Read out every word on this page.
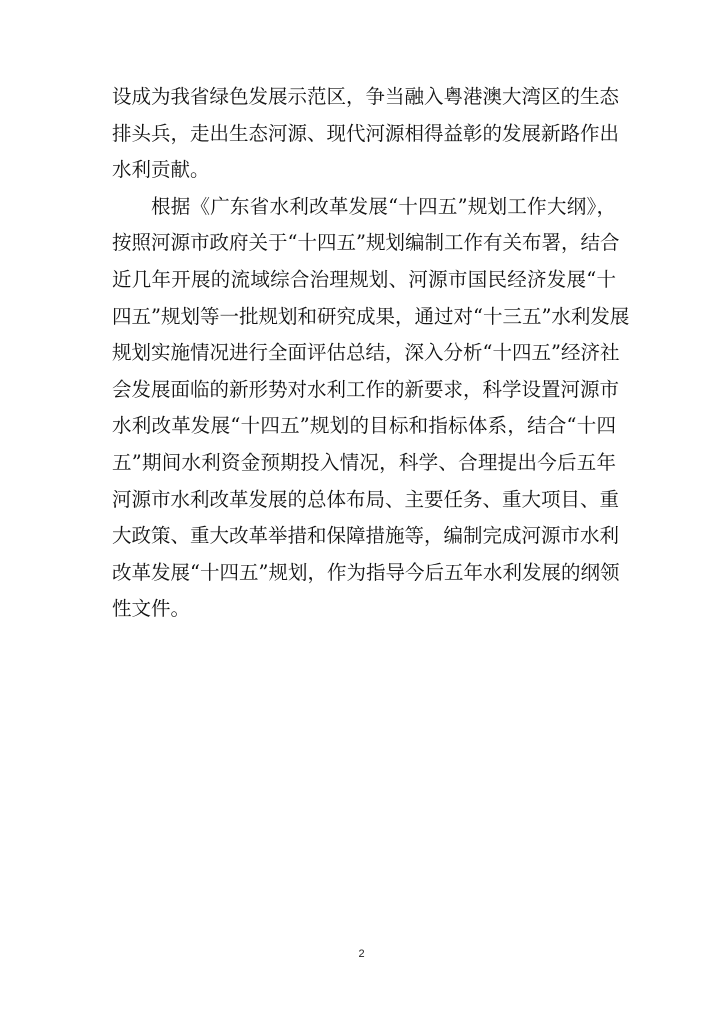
设成为我省绿色发展示范区，争当融入粤港澳大湾区的生态
排头兵，走出生态河源、现代河源相得益彰的发展新路作出
水利贡献。
根据《广东省水利改革发展“十四五”规划工作大纲》，
按照河源市政府关于“十四五”规划编制工作有关布署，结合
近几年开展的流域综合治理规划、河源市国民经济发展“十
四五”规划等一批规划和研究成果，通过对“十三五”水利发展
规划实施情况进行全面评估总结，深入分析“十四五”经济社
会发展面临的新形势对水利工作的新要求，科学设置河源市
水利改革发展“十四五”规划的目标和指标体系，结合“十四
五”期间水利资金预期投入情况，科学、合理提出今后五年
河源市水利改革发展的总体布局、主要任务、重大项目、重
大政策、重大改革举措和保障措施等，编制完成河源市水利
改革发展“十四五”规划，作为指导今后五年水利发展的纲领
性文件。
2
